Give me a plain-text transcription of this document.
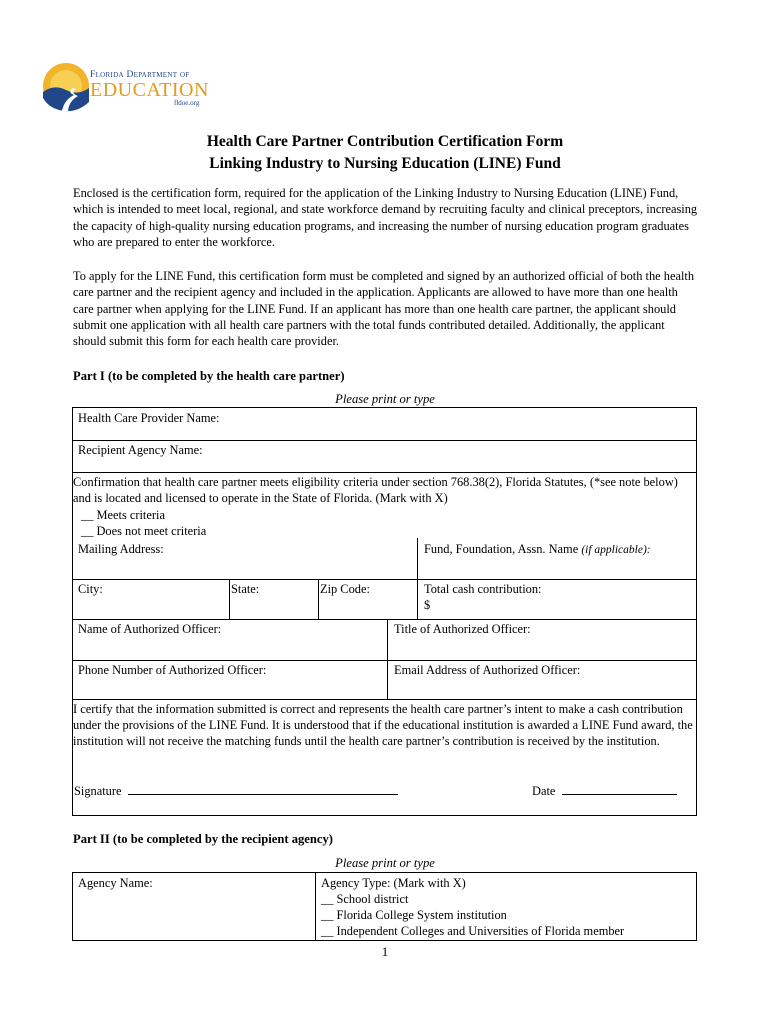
Florida Department of
EDUCATION
fldoe.org
Health Care Partner Contribution Certification Form
Linking Industry to Nursing Education (LINE) Fund

Enclosed is the certification form, required for the application of the Linking Industry to Nursing Education (LINE) Fund, which is intended to meet local, regional, and state workforce demand by recruiting faculty and clinical preceptors, increasing the capacity of high-quality nursing education programs, and increasing the number of nursing education program graduates who are prepared to enter the workforce.

To apply for the LINE Fund, this certification form must be completed and signed by an authorized official of both the health care partner and the recipient agency and included in the application. Applicants are allowed to have more than one health care partner when applying for the LINE Fund. If an applicant has more than one health care partner, the applicant should submit one application with all health care partners with the total funds contributed detailed. Additionally, the applicant should submit this form for each health care provider.

Part I (to be completed by the health care partner)
Please print or type
Health Care Provider Name:
Recipient Agency Name:
Confirmation that health care partner meets eligibility criteria under section 768.38(2), Florida Statutes, (*see note below) and is located and licensed to operate in the State of Florida. (Mark with X)
__ Meets criteria
__ Does not meet criteria
Mailing Address:	Fund, Foundation, Assn. Name (if applicable):
City:	State:	Zip Code:	Total cash contribution:
$
Name of Authorized Officer:	Title of Authorized Officer:
Phone Number of Authorized Officer:	Email Address of Authorized Officer:
I certify that the information submitted is correct and represents the health care partner’s intent to make a cash contribution under the provisions of the LINE Fund. It is understood that if the educational institution is awarded a LINE Fund award, the institution will not receive the matching funds until the health care partner’s contribution is received by the institution.
Signature	Date
Part II (to be completed by the recipient agency)
Please print or type
Agency Name:	Agency Type: (Mark with X)
__ School district
__ Florida College System institution
__ Independent Colleges and Universities of Florida member
1
